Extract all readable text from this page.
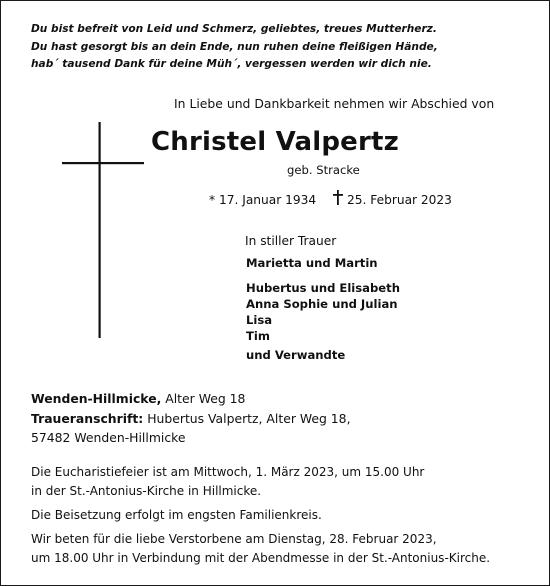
Du bist befreit von Leid und Schmerz, geliebtes, treues Mutterherz.
Du hast gesorgt bis an dein Ende, nun ruhen deine fleißigen Hände,
hab´ tausend Dank für deine Müh´, vergessen werden wir dich nie.
In Liebe und Dankbarkeit nehmen wir Abschied von
Christel Valpertz
geb. Stracke
* 17. Januar 1934	25. Februar 2023
In stiller Trauer
Marietta und Martin
Hubertus und Elisabeth
Anna Sophie und Julian
Lisa
Tim
und Verwandte
Wenden-Hillmicke, Alter Weg 18
Traueranschrift: Hubertus Valpertz, Alter Weg 18,
57482 Wenden-Hillmicke
Die Eucharistiefeier ist am Mittwoch, 1. März 2023, um 15.00 Uhr
in der St.-Antonius-Kirche in Hillmicke.
Die Beisetzung erfolgt im engsten Familienkreis.
Wir beten für die liebe Verstorbene am Dienstag, 28. Februar 2023,
um 18.00 Uhr in Verbindung mit der Abendmesse in der St.-Antonius-Kirche.
